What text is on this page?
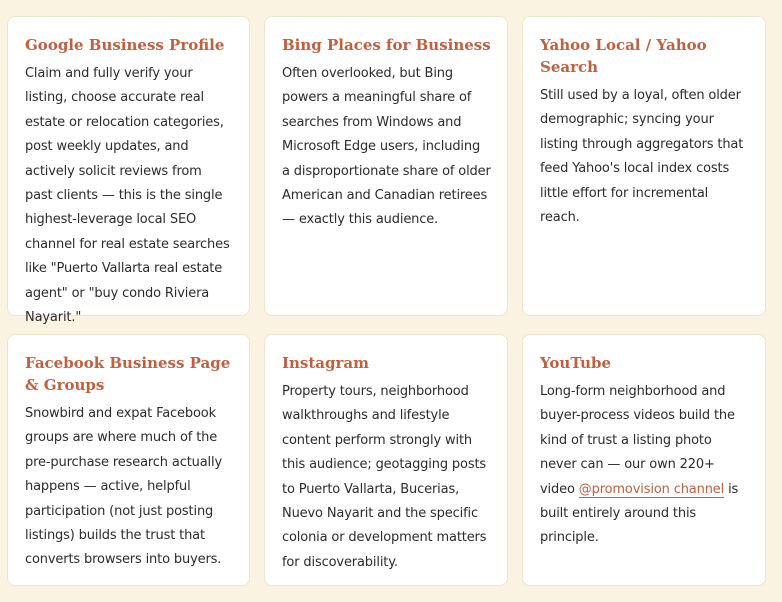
Google Business Profile

Claim and fully verify your listing, choose accurate real estate or relocation categories, post weekly updates, and actively solicit reviews from past clients — this is the single highest-leverage local SEO channel for real estate searches like "Puerto Vallarta real estate agent" or "buy condo Riviera Nayarit."

Bing Places for Business

Often overlooked, but Bing powers a meaningful share of searches from Windows and Microsoft Edge users, including a disproportionate share of older American and Canadian retirees — exactly this audience.

Yahoo Local / Yahoo Search

Still used by a loyal, often older demographic; syncing your listing through aggregators that feed Yahoo's local index costs little effort for incremental reach.

Facebook Business Page & Groups

Snowbird and expat Facebook groups are where much of the pre-purchase research actually happens — active, helpful participation (not just posting listings) builds the trust that converts browsers into buyers.

Instagram

Property tours, neighborhood walkthroughs and lifestyle content perform strongly with this audience; geotagging posts to Puerto Vallarta, Bucerias, Nuevo Nayarit and the specific colonia or development matters for discoverability.

YouTube

Long-form neighborhood and buyer-process videos build the kind of trust a listing photo never can — our own 220+ video @promovision channel is built entirely around this principle.
